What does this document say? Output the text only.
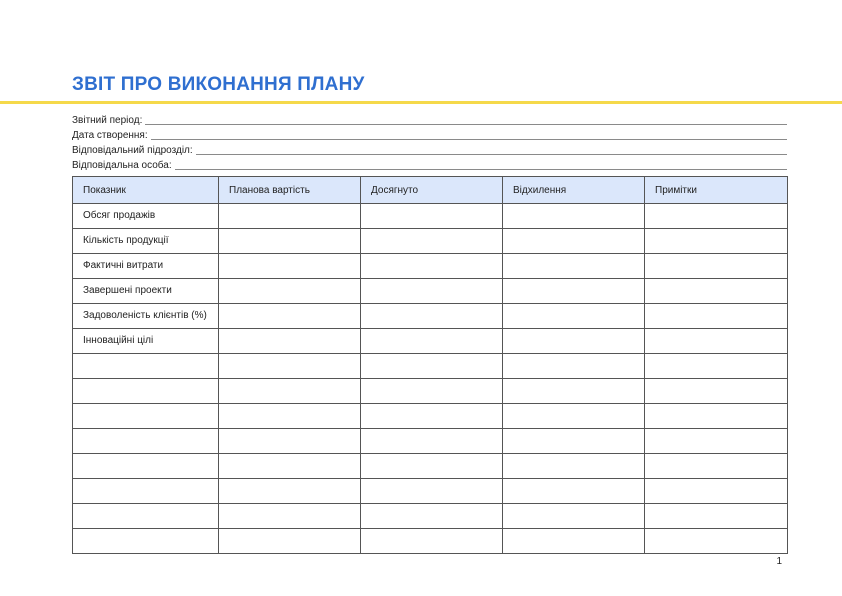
ЗВІТ ПРО ВИКОНАННЯ ПЛАНУ
Звітний період:
Дата створення:
Відповідальний підрозділ:
Відповідальна особа:
Показник	Планова вартість	Досягнуто	Відхилення	Примітки
Обсяг продажів				
Кількість продукції				
Фактичні витрати				
Завершені проекти				
Задоволеність клієнтів (%)				
Інноваційні цілі				

1
